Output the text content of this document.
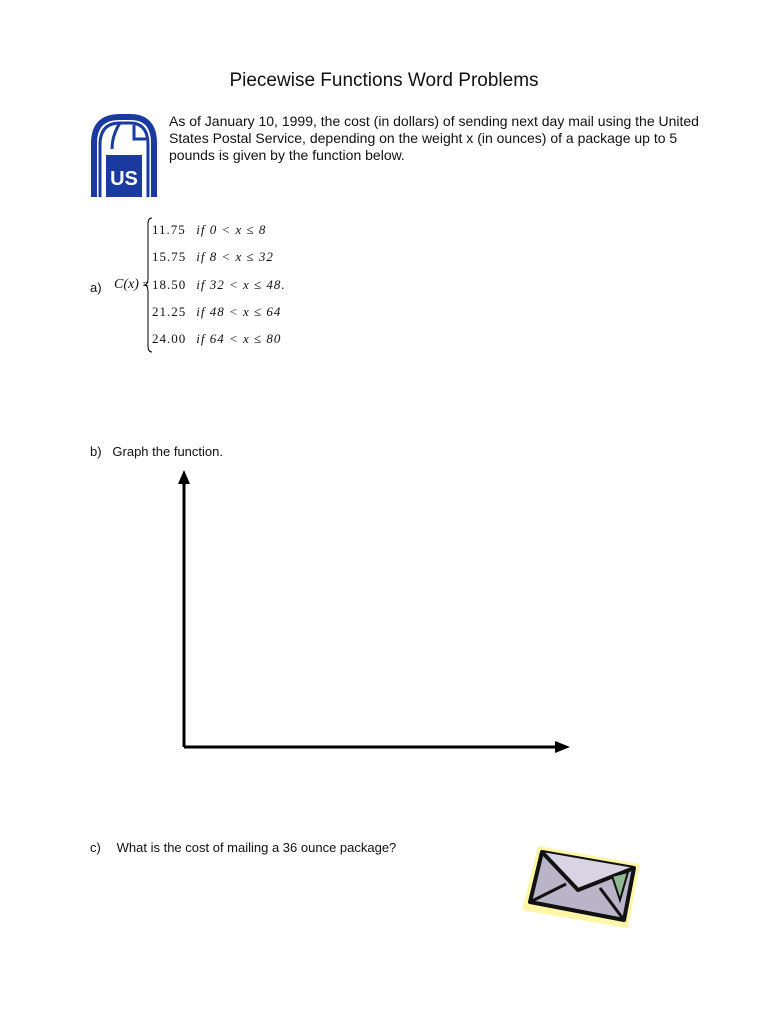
Piecewise Functions Word Problems
US
As of January 10, 1999, the cost (in dollars) of sending next day mail using the United States Postal Service, depending on the weight x (in ounces) of a package up to 5 pounds is given by the function below.
a) C(x) =
11.75 if 0 < x ≤ 8
15.75 if 8 < x ≤ 32
18.50 if 32 < x ≤ 48.
21.25 if 48 < x ≤ 64
24.00 if 64 < x ≤ 80
b) Graph the function.
c) What is the cost of mailing a 36 ounce package?
